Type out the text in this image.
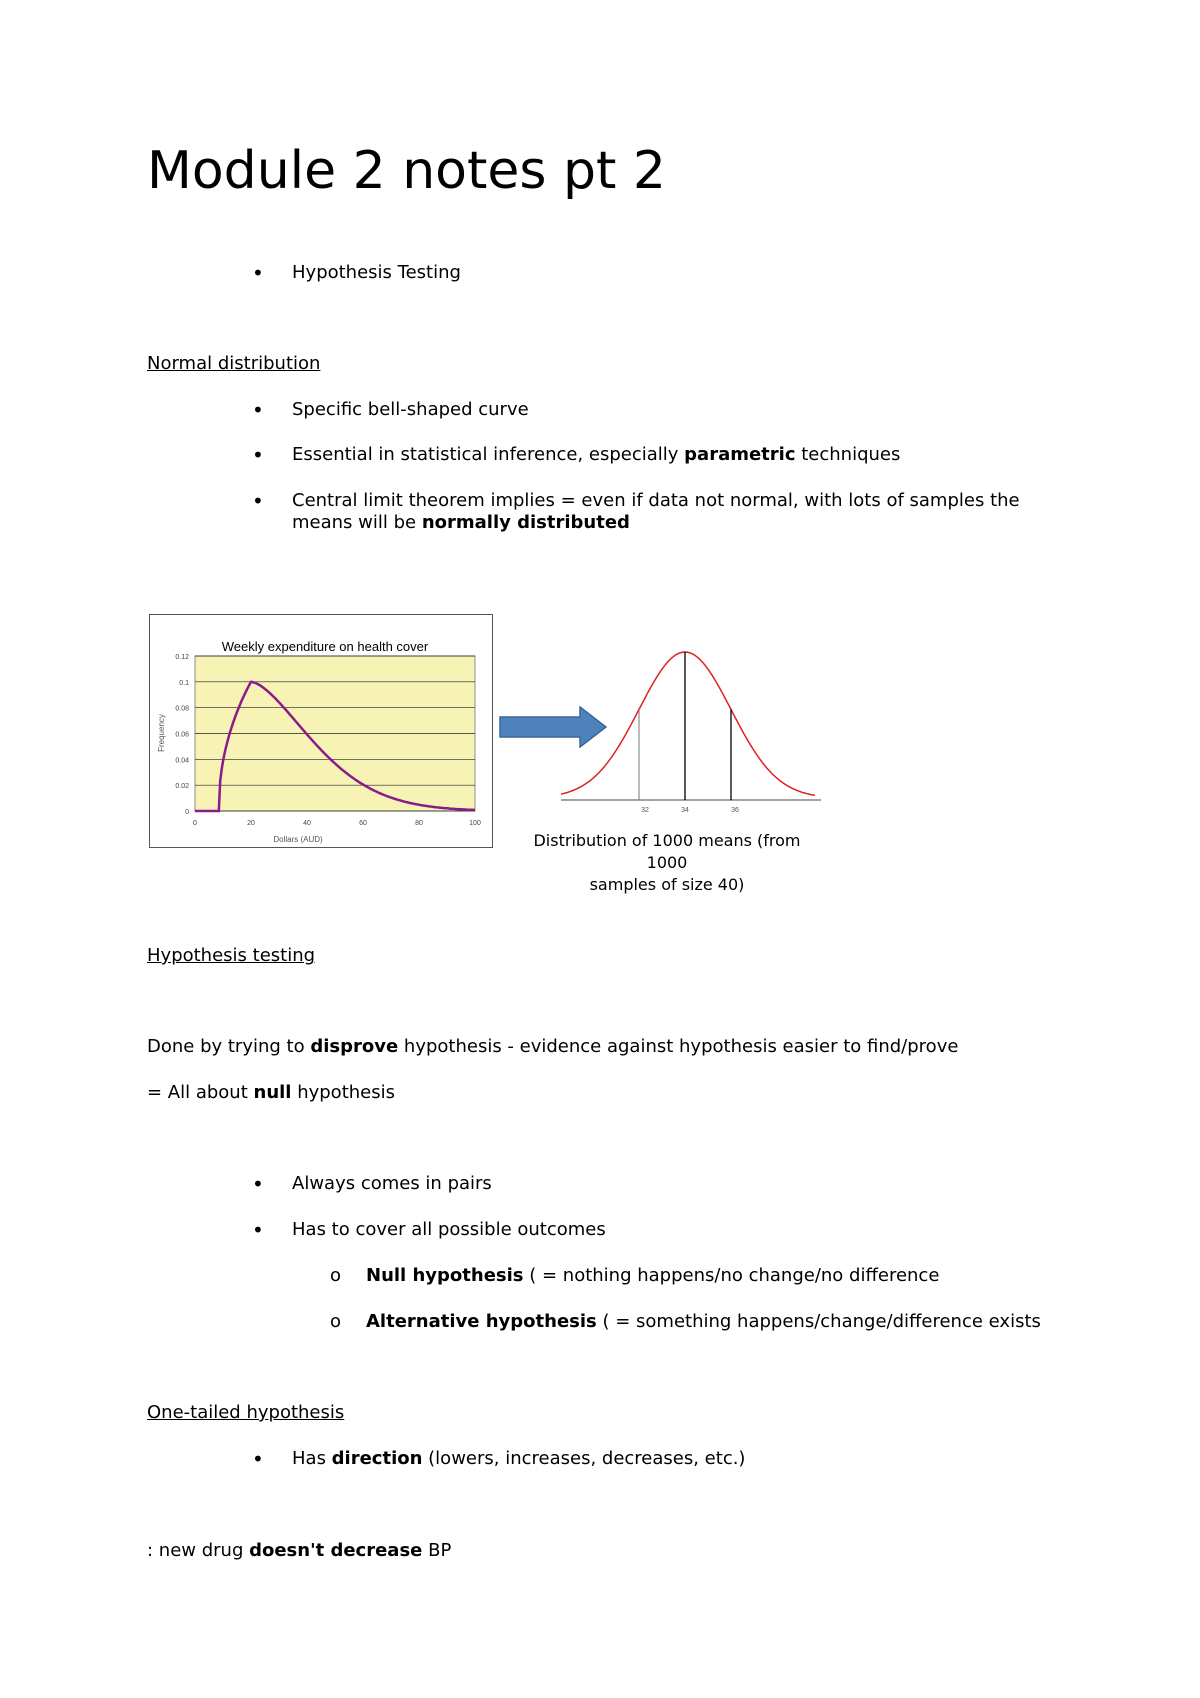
Module 2 notes pt 2
• Hypothesis Testing
Normal distribution
• Specific bell-shaped curve
• Essential in statistical inference, especially parametric techniques
• Central limit theorem implies = even if data not normal, with lots of samples the
means will be normally distributed
Weekly expenditure on health cover
0
0.02
0.04
0.06
0.08
0.1
0.12
0	20	40	60	80	100
Frequency
Dollars (AUD)
32	34	36
Distribution of 1000 means (from 1000
samples of size 40)
Hypothesis testing
Done by trying to disprove hypothesis - evidence against hypothesis easier to find/prove
= All about null hypothesis
• Always comes in pairs
• Has to cover all possible outcomes
o Null hypothesis ( = nothing happens/no change/no difference
o Alternative hypothesis ( = something happens/change/difference exists
One-tailed hypothesis
• Has direction (lowers, increases, decreases, etc.)
: new drug doesn't decrease BP
